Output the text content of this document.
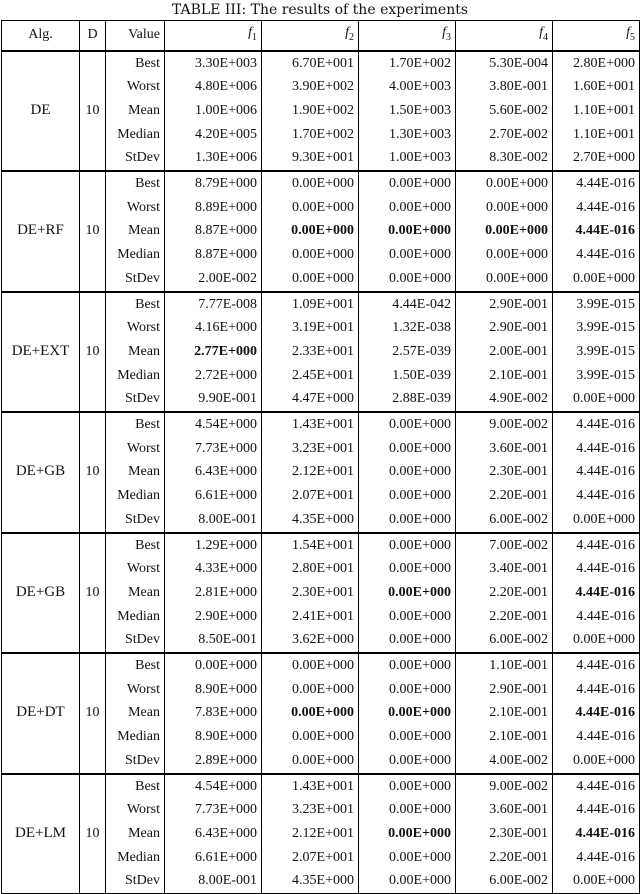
TABLE III: The results of the experiments
Alg.	D	Value	$f_1$	$f_2$	$f_3$	$f_4$	$f_5$
DE	10	Best	3.30E+003	6.70E+001	1.70E+002	5.30E-004	2.80E+000
		Worst	4.80E+006	3.90E+002	4.00E+003	3.80E-001	1.60E+001
		Mean	1.00E+006	1.90E+002	1.50E+003	5.60E-002	1.10E+001
		Median	4.20E+005	1.70E+002	1.30E+003	2.70E-002	1.10E+001
		StDev	1.30E+006	9.30E+001	1.00E+003	8.30E-002	2.70E+000
DE+RF	10	Best	8.79E+000	0.00E+000	0.00E+000	0.00E+000	4.44E-016
		Worst	8.89E+000	0.00E+000	0.00E+000	0.00E+000	4.44E-016
		Mean	8.87E+000	0.00E+000	0.00E+000	0.00E+000	4.44E-016
		Median	8.87E+000	0.00E+000	0.00E+000	0.00E+000	4.44E-016
		StDev	2.00E-002	0.00E+000	0.00E+000	0.00E+000	0.00E+000
DE+EXT	10	Best	7.77E-008	1.09E+001	4.44E-042	2.90E-001	3.99E-015
		Worst	4.16E+000	3.19E+001	1.32E-038	2.90E-001	3.99E-015
		Mean	2.77E+000	2.33E+001	2.57E-039	2.00E-001	3.99E-015
		Median	2.72E+000	2.45E+001	1.50E-039	2.10E-001	3.99E-015
		StDev	9.90E-001	4.47E+000	2.88E-039	4.90E-002	0.00E+000
DE+GB	10	Best	4.54E+000	1.43E+001	0.00E+000	9.00E-002	4.44E-016
		Worst	7.73E+000	3.23E+001	0.00E+000	3.60E-001	4.44E-016
		Mean	6.43E+000	2.12E+001	0.00E+000	2.30E-001	4.44E-016
		Median	6.61E+000	2.07E+001	0.00E+000	2.20E-001	4.44E-016
		StDev	8.00E-001	4.35E+000	0.00E+000	6.00E-002	0.00E+000
DE+GB	10	Best	1.29E+000	1.54E+001	0.00E+000	7.00E-002	4.44E-016
		Worst	4.33E+000	2.80E+001	0.00E+000	3.40E-001	4.44E-016
		Mean	2.81E+000	2.30E+001	0.00E+000	2.20E-001	4.44E-016
		Median	2.90E+000	2.41E+001	0.00E+000	2.20E-001	4.44E-016
		StDev	8.50E-001	3.62E+000	0.00E+000	6.00E-002	0.00E+000
DE+DT	10	Best	0.00E+000	0.00E+000	0.00E+000	1.10E-001	4.44E-016
		Worst	8.90E+000	0.00E+000	0.00E+000	2.90E-001	4.44E-016
		Mean	7.83E+000	0.00E+000	0.00E+000	2.10E-001	4.44E-016
		Median	8.90E+000	0.00E+000	0.00E+000	2.10E-001	4.44E-016
		StDev	2.89E+000	0.00E+000	0.00E+000	4.00E-002	0.00E+000
DE+LM	10	Best	4.54E+000	1.43E+001	0.00E+000	9.00E-002	4.44E-016
		Worst	7.73E+000	3.23E+001	0.00E+000	3.60E-001	4.44E-016
		Mean	6.43E+000	2.12E+001	0.00E+000	2.30E-001	4.44E-016
		Median	6.61E+000	2.07E+001	0.00E+000	2.20E-001	4.44E-016
		StDev	8.00E-001	4.35E+000	0.00E+000	6.00E-002	0.00E+000
